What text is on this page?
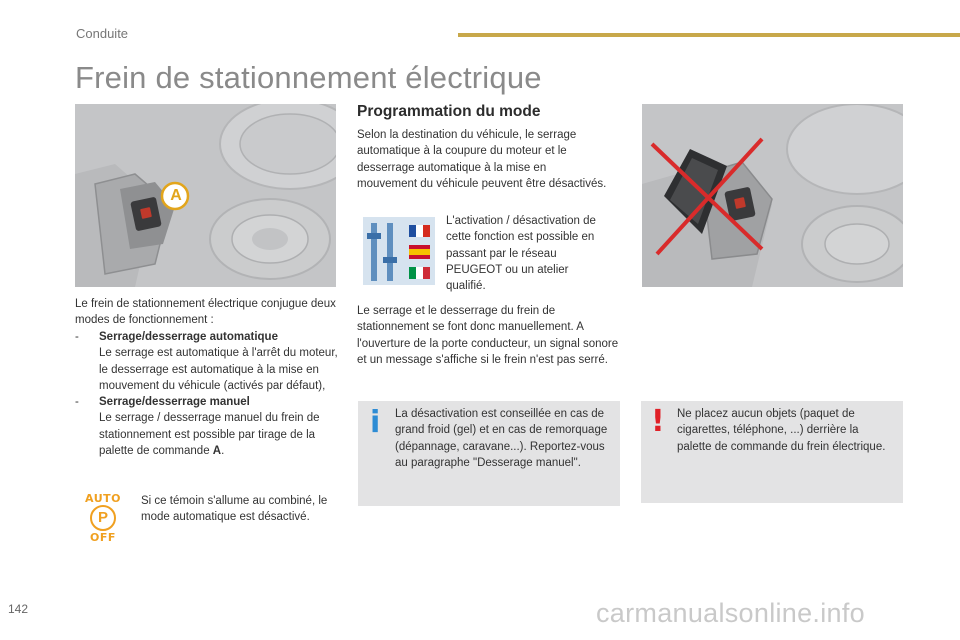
Conduite
Frein de stationnement électrique
A
Le frein de stationnement électrique conjugue deux modes de fonctionnement :
- Serrage/desserrage automatique
Le serrage est automatique à l'arrêt du moteur, le desserrage est automatique à la mise en mouvement du véhicule (activés par défaut),
- Serrage/desserrage manuel
Le serrage / desserrage manuel du frein de stationnement est possible par tirage de la palette de commande A.
AUTO
P
OFF
Si ce témoin s'allume au combiné, le mode automatique est désactivé.
Programmation du mode
Selon la destination du véhicule, le serrage automatique à la coupure du moteur et le desserrage automatique à la mise en mouvement du véhicule peuvent être désactivés.
L'activation / désactivation de cette fonction est possible en passant par le réseau PEUGEOT ou un atelier qualifié.
Le serrage et le desserrage du frein de stationnement se font donc manuellement. A l'ouverture de la porte conducteur, un signal sonore et un message s'affiche si le frein n'est pas serré.
i La désactivation est conseillée en cas de grand froid (gel) et en cas de remorquage (dépannage, caravane...). Reportez-vous au paragraphe "Desserage manuel".
! Ne placez aucun objets (paquet de cigarettes, téléphone, ...) derrière la palette de commande du frein électrique.
142	carmanualsonline.info
